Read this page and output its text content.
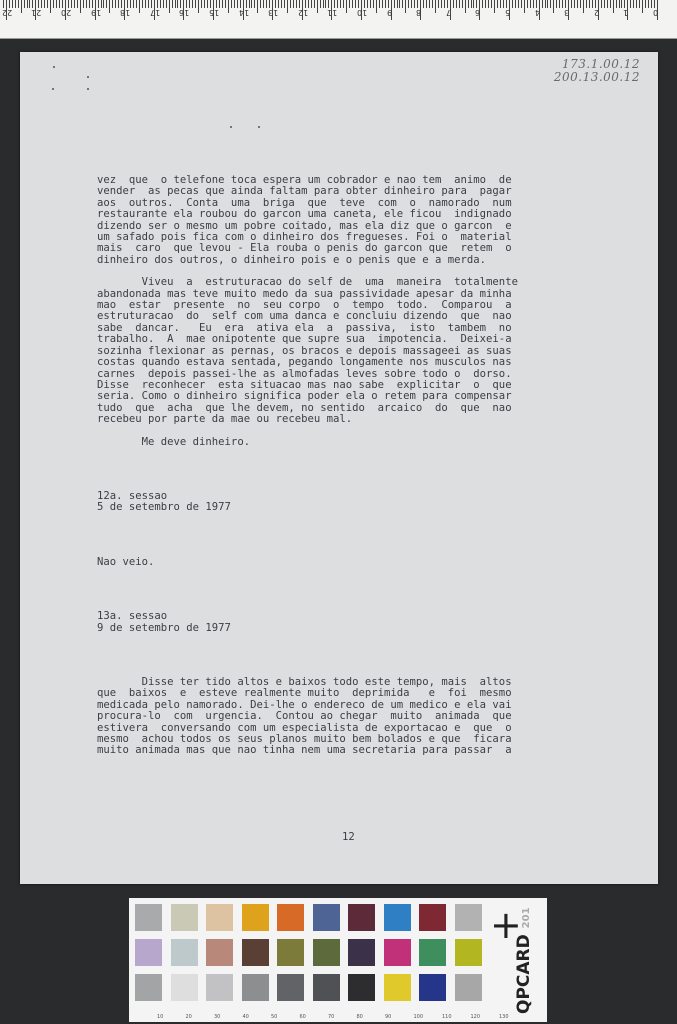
0
1
2
3
4
5
6
7
8
9
10
11
12
13
14
15
16
17
18
19
20
21
22
173.1.00.12
200.13.00.12
vez  que  o telefone toca espera um cobrador e nao tem  animo  de
vender  as pecas que ainda faltam para obter dinheiro para  pagar
aos  outros.  Conta  uma  briga  que  teve  com  o  namorado  num
restaurante ela roubou do garcon uma caneta, ele ficou  indignado
dizendo ser o mesmo um pobre coitado, mas ela diz que o garcon  e
um safado pois fica com o dinheiro dos fregueses. Foi o  material
mais  caro  que levou - Ela rouba o penis do garcon que  retem  o
dinheiro dos outros, o dinheiro pois e o penis que e a merda.
Viveu  a  estruturacao do self de  uma  maneira  totalmente
abandonada mas teve muito medo da sua passividade apesar da minha
mao  estar  presente  no  seu corpo  o  tempo  todo.  Comparou  a
estruturacao  do  self com uma danca e concluiu dizendo  que  nao
sabe  dancar.   Eu  era  ativa ela  a  passiva,  isto  tambem  no
trabalho.  A  mae onipotente que supre sua  impotencia.  Deixei-a
sozinha flexionar as pernas, os bracos e depois massageei as suas
costas quando estava sentada, pegando longamente nos musculos nas
carnes  depois passei-lhe as almofadas leves sobre todo o  dorso.
Disse  reconhecer  esta situacao mas nao sabe  explicitar  o  que
seria. Como o dinheiro significa poder ela o retem para compensar
tudo  que  acha  que lhe devem, no sentido  arcaico  do  que  nao
recebeu por parte da mae ou recebeu mal.
Me deve dinheiro.
12a. sessao
5 de setembro de 1977
Nao veio.
13a. sessao
9 de setembro de 1977
Disse ter tido altos e baixos todo este tempo, mais  altos
que  baixos  e  esteve realmente muito  deprimida   e  foi  mesmo
medicada pelo namorado. Dei-lhe o endereco de um medico e ela vai
procura-lo  com  urgencia.  Contou ao chegar  muito  animada  que
estivera  conversando com um especialista de exportacao e  que  o
mesmo  achou todos os seus planos muito bem bolados e que  ficara
muito animada mas que nao tinha nem uma secretaria para passar  a
12
+
QPCARD 201
10	20	30	40	50	60	70	80	90	100	110	120	130
